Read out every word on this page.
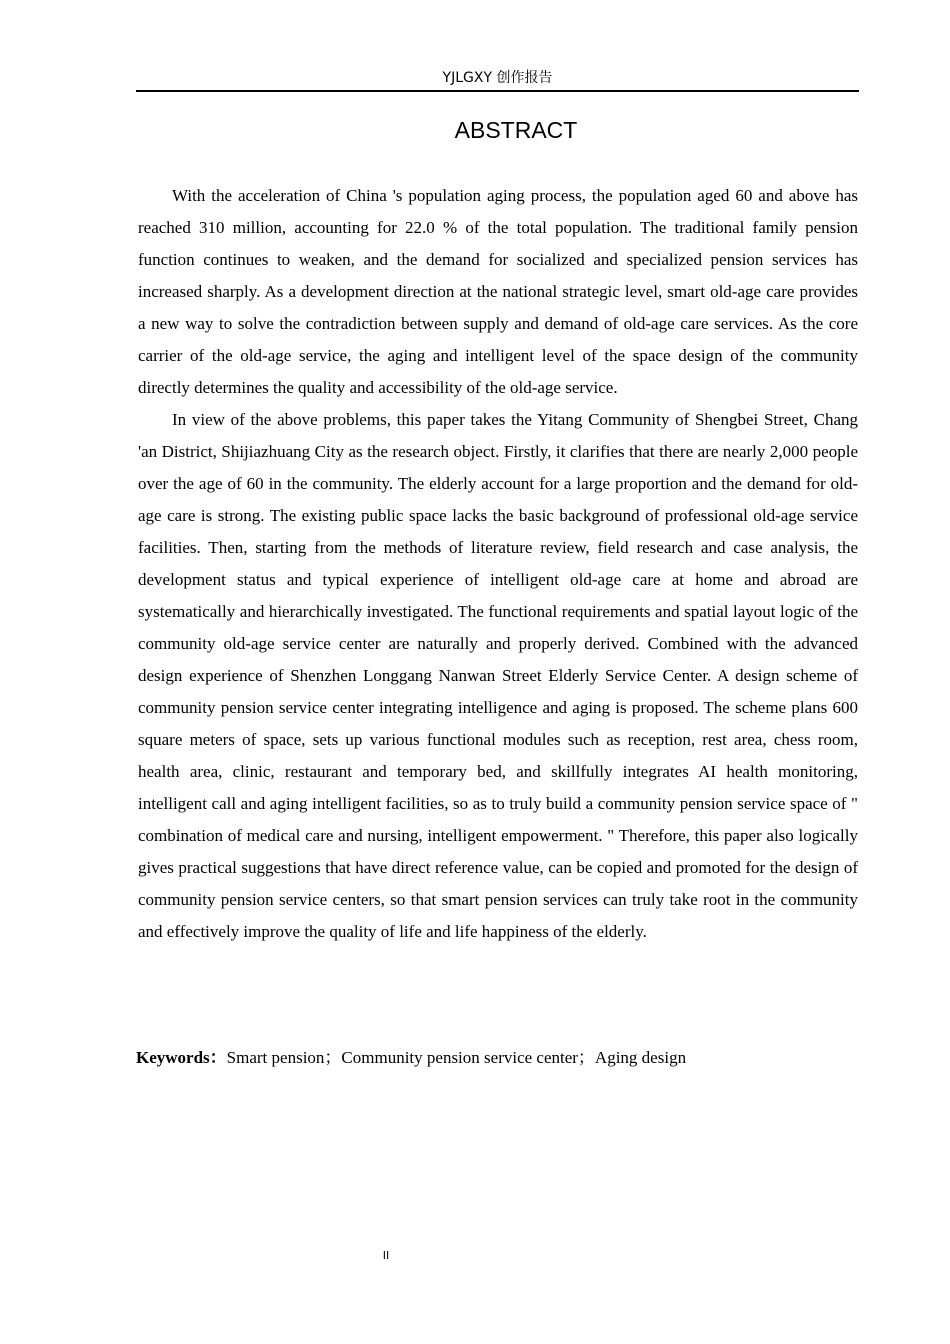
YJLGXY 创作报告
ABSTRACT

With the acceleration of China 's population aging process, the population aged 60 and above has reached 310 million, accounting for 22.0 % of the total population. The traditional family pension function continues to weaken, and the demand for socialized and specialized pension services has increased sharply. As a development direction at the national strategic level, smart old-age care provides a new way to solve the contradiction between supply and demand of old-age care services. As the core carrier of the old-age service, the aging and intelligent level of the space design of the community directly determines the quality and accessibility of the old-age service.

In view of the above problems, this paper takes the Yitang Community of Shengbei Street, Chang 'an District, Shijiazhuang City as the research object. Firstly, it clarifies that there are nearly 2,000 people over the age of 60 in the community. The elderly account for a large proportion and the demand for old-age care is strong. The existing public space lacks the basic background of professional old-age service facilities. Then, starting from the methods of literature review, field research and case analysis, the development status and typical experience of intelligent old-age care at home and abroad are systematically and hierarchically investigated. The functional requirements and spatial layout logic of the community old-age service center are naturally and properly derived. Combined with the advanced design experience of Shenzhen Longgang Nanwan Street Elderly Service Center. A design scheme of community pension service center integrating intelligence and aging is proposed. The scheme plans 600 square meters of space, sets up various functional modules such as reception, rest area, chess room, health area, clinic, restaurant and temporary bed, and skillfully integrates AI health monitoring, intelligent call and aging intelligent facilities, so as to truly build a community pension service space of " combination of medical care and nursing, intelligent empowerment. " Therefore, this paper also logically gives practical suggestions that have direct reference value, can be copied and promoted for the design of community pension service centers, so that smart pension services can truly take root in the community and effectively improve the quality of life and life happiness of the elderly.

Keywords：Smart pension；Community pension service center；Aging design
II
